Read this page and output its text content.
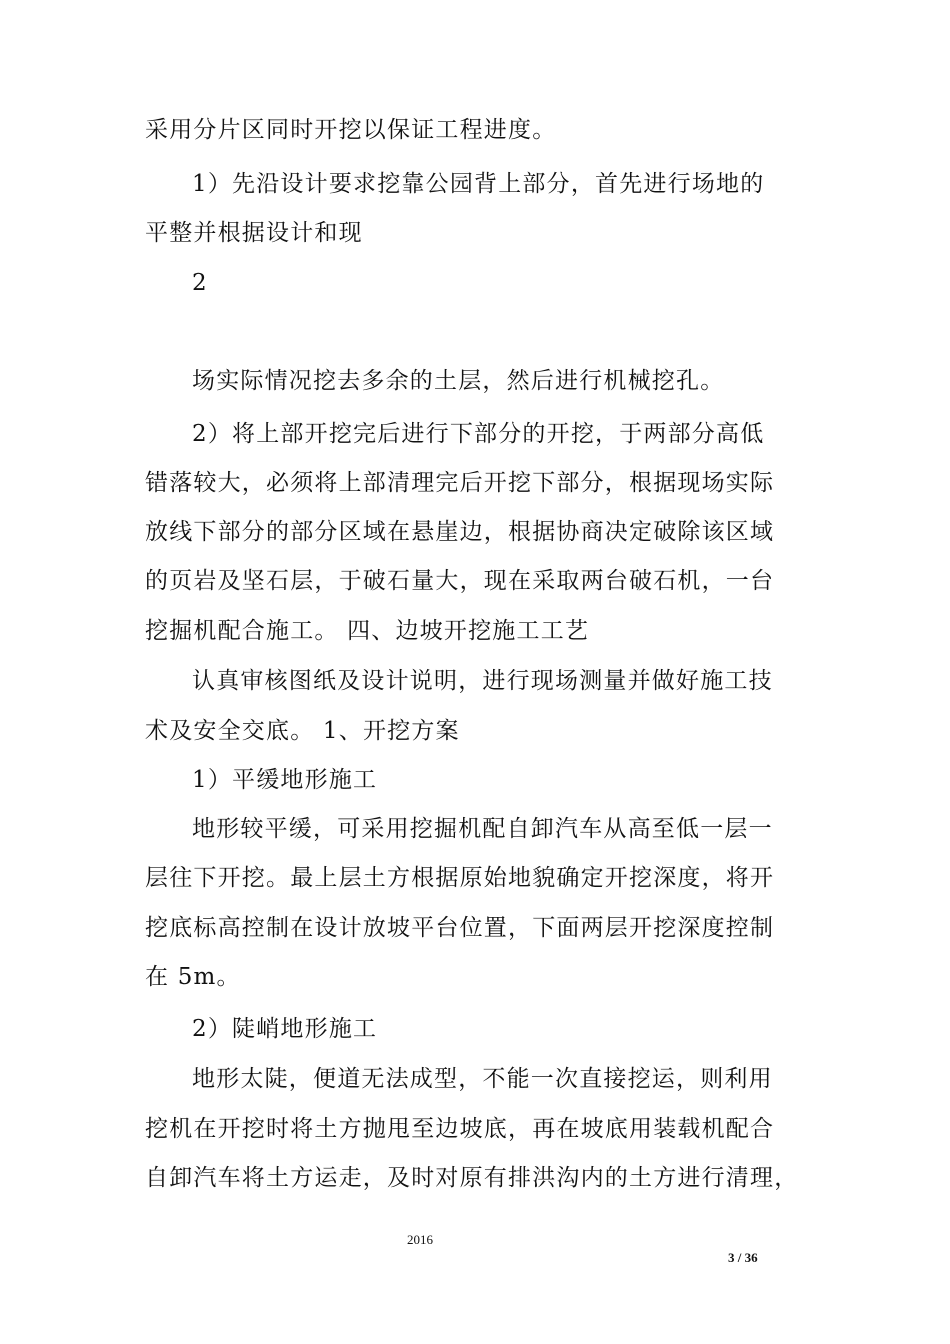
采用分片区同时开挖以保证工程进度。
1）先沿设计要求挖靠公园背上部分，首先进行场地的
平整并根据设计和现
2
场实际情况挖去多余的土层，然后进行机械挖孔。
2）将上部开挖完后进行下部分的开挖，于两部分高低
错落较大，必须将上部清理完后开挖下部分，根据现场实际
放线下部分的部分区域在悬崖边，根据协商决定破除该区域
的页岩及坚石层，于破石量大，现在采取两台破石机，一台
挖掘机配合施工。 四、边坡开挖施工工艺
认真审核图纸及设计说明，进行现场测量并做好施工技
术及安全交底。 1、开挖方案
1）平缓地形施工
地形较平缓，可采用挖掘机配自卸汽车从高至低一层一
层往下开挖。最上层土方根据原始地貌确定开挖深度，将开
挖底标高控制在设计放坡平台位置，下面两层开挖深度控制
在 5m。
2）陡峭地形施工
地形太陡，便道无法成型，不能一次直接挖运，则利用
挖机在开挖时将土方抛甩至边坡底，再在坡底用装载机配合
自卸汽车将土方运走，及时对原有排洪沟内的土方进行清理，
2016
3 / 36
